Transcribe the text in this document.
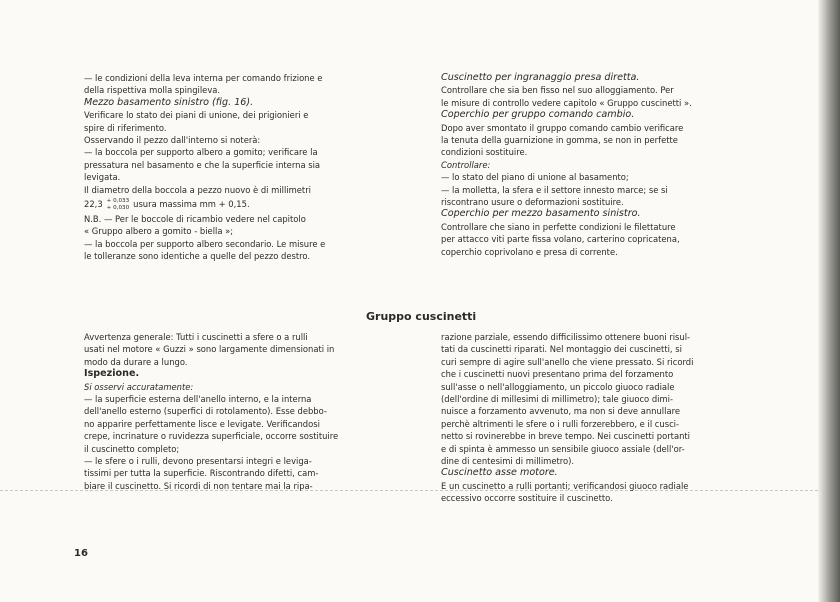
— le condizioni della leva interna per comando frizione e

della rispettiva molla spingileva.

Mezzo basamento sinistro (fig. 16).

Verificare lo stato dei piani di unione, dei prigionieri e

spire di riferimento.

Osservando il pezzo dall'interno si noterà:

— la boccola per supporto albero a gomito; verificare la

pressatura nel basamento e che la superficie interna sia

levigata.

Il diametro della boccola a pezzo nuovo è di millimetri

22,3 + 0,033
+ 0,030 usura massima mm + 0,15.

N.B. — Per le boccole di ricambio vedere nel capitolo

« Gruppo albero a gomito - biella »;

— la boccola per supporto albero secondario. Le misure e

le tolleranze sono identiche a quelle del pezzo destro.

Cuscinetto per ingranaggio presa diretta.

Controllare che sia ben fisso nel suo alloggiamento. Per

le misure di controllo vedere capitolo « Gruppo cuscinetti ».

Coperchio per gruppo comando cambio.

Dopo aver smontato il gruppo comando cambio verificare

la tenuta della guarnizione in gomma, se non in perfette

condizioni sostituire.

Controllare:

— lo stato del piano di unione al basamento;

— la molletta, la sfera e il settore innesto marce; se si

riscontrano usure o deformazioni sostituire.

Coperchio per mezzo basamento sinistro.

Controllare che siano in perfette condizioni le filettature

per attacco viti parte fissa volano, carterino copricatena,

coperchio coprivolano e presa di corrente.

Gruppo cuscinetti

Avvertenza generale: Tutti i cuscinetti a sfere o a rulli

usati nel motore « Guzzi » sono largamente dimensionati in

modo da durare a lungo.

Ispezione.

Si osservi accuratamente:

— la superficie esterna dell'anello interno, e la interna

dell'anello esterno (superfici di rotolamento). Esse debbo-

no apparire perfettamente lisce e levigate. Verificandosi

crepe, incrinature o ruvidezza superficiale, occorre sostituire

il cuscinetto completo;

— le sfere o i rulli, devono presentarsi integri e leviga-

tissimi per tutta la superficie. Riscontrando difetti, cam-

biare il cuscinetto. Si ricordi di non tentare mai la ripa-

razione parziale, essendo difficilissimo ottenere buoni risul-

tati da cuscinetti riparati. Nel montaggio dei cuscinetti, si

curi sempre di agire sull'anello che viene pressato. Si ricordi

che i cuscinetti nuovi presentano prima del forzamento

sull'asse o nell'alloggiamento, un piccolo giuoco radiale

(dell'ordine di millesimi di millimetro); tale giuoco dimi-

nuisce a forzamento avvenuto, ma non si deve annullare

perchè altrimenti le sfere o i rulli forzerebbero, e il cusci-

netto si rovinerebbe in breve tempo. Nei cuscinetti portanti

e di spinta è ammesso un sensibile giuoco assiale (dell'or-

dine di centesimi di millimetro).

Cuscinetto asse motore.

E un cuscinetto a rulli portanti; verificandosi giuoco radiale

eccessivo occorre sostituire il cuscinetto.

16
